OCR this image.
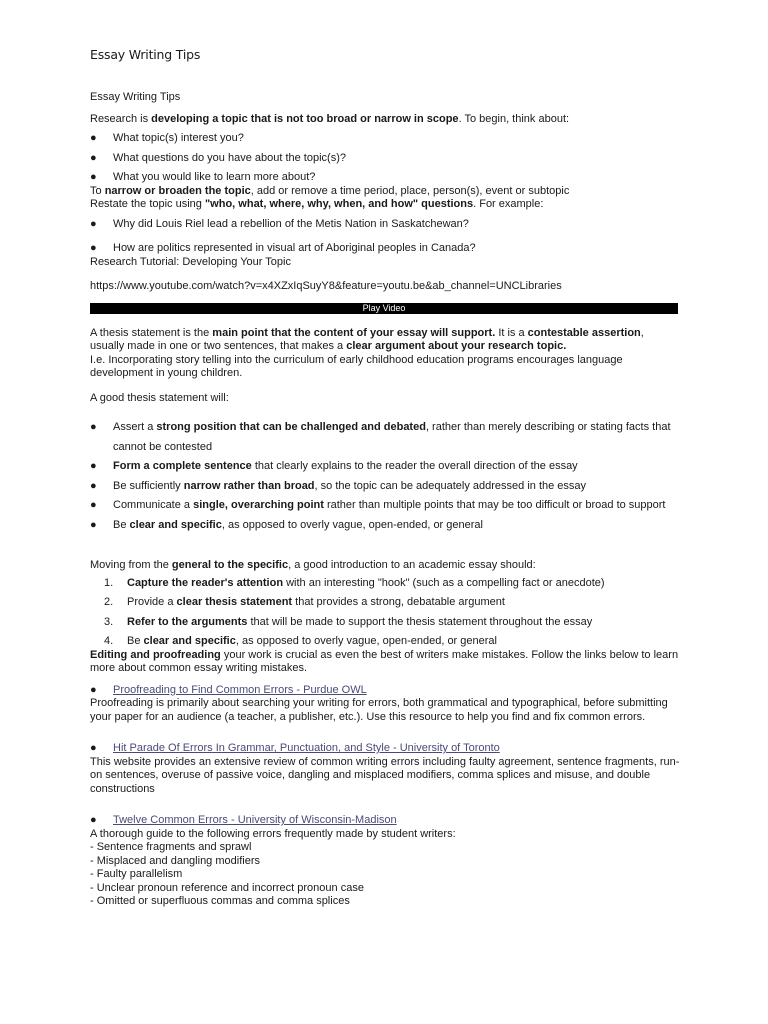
Essay Writing Tips

Essay Writing Tips

Research is developing a topic that is not too broad or narrow in scope. To begin, think about:

● What topic(s) interest you?

● What questions do you have about the topic(s)?

● What you would like to learn more about?

To narrow or broaden the topic, add or remove a time period, place, person(s), event or subtopic

Restate the topic using "who, what, where, why, when, and how" questions. For example:

● Why did Louis Riel lead a rebellion of the Metis Nation in Saskatchewan?

● How are politics represented in visual art of Aboriginal peoples in Canada?

Research Tutorial: Developing Your Topic

https://www.youtube.com/watch?v=x4XZxIqSuyY8&feature=youtu.be&ab_channel=UNCLibraries

Play Video

A thesis statement is the main point that the content of your essay will support. It is a contestable assertion,

usually made in one or two sentences, that makes a clear argument about your research topic.

I.e. Incorporating story telling into the curriculum of early childhood education programs encourages language development in young children.

A good thesis statement will:

● Assert a strong position that can be challenged and debated, rather than merely describing or stating facts that cannot be contested

● Form a complete sentence that clearly explains to the reader the overall direction of the essay

● Be sufficiently narrow rather than broad, so the topic can be adequately addressed in the essay

● Communicate a single, overarching point rather than multiple points that may be too difficult or broad to support

● Be clear and specific, as opposed to overly vague, open-ended, or general

Moving from the general to the specific, a good introduction to an academic essay should:

1. Capture the reader's attention with an interesting "hook" (such as a compelling fact or anecdote)

2. Provide a clear thesis statement that provides a strong, debatable argument

3. Refer to the arguments that will be made to support the thesis statement throughout the essay

4. Be clear and specific, as opposed to overly vague, open-ended, or general

Editing and proofreading your work is crucial as even the best of writers make mistakes. Follow the links below to learn more about common essay writing mistakes.

● Proofreading to Find Common Errors - Purdue OWL

Proofreading is primarily about searching your writing for errors, both grammatical and typographical, before submitting your paper for an audience (a teacher, a publisher, etc.). Use this resource to help you find and fix common errors.

● Hit Parade Of Errors In Grammar, Punctuation, and Style - University of Toronto

This website provides an extensive review of common writing errors including faulty agreement, sentence fragments, run-on sentences, overuse of passive voice, dangling and misplaced modifiers, comma splices and misuse, and double constructions

● Twelve Common Errors - University of Wisconsin-Madison

A thorough guide to the following errors frequently made by student writers:

- Sentence fragments and sprawl

- Misplaced and dangling modifiers

- Faulty parallelism

- Unclear pronoun reference and incorrect pronoun case

- Omitted or superfluous commas and comma splices
